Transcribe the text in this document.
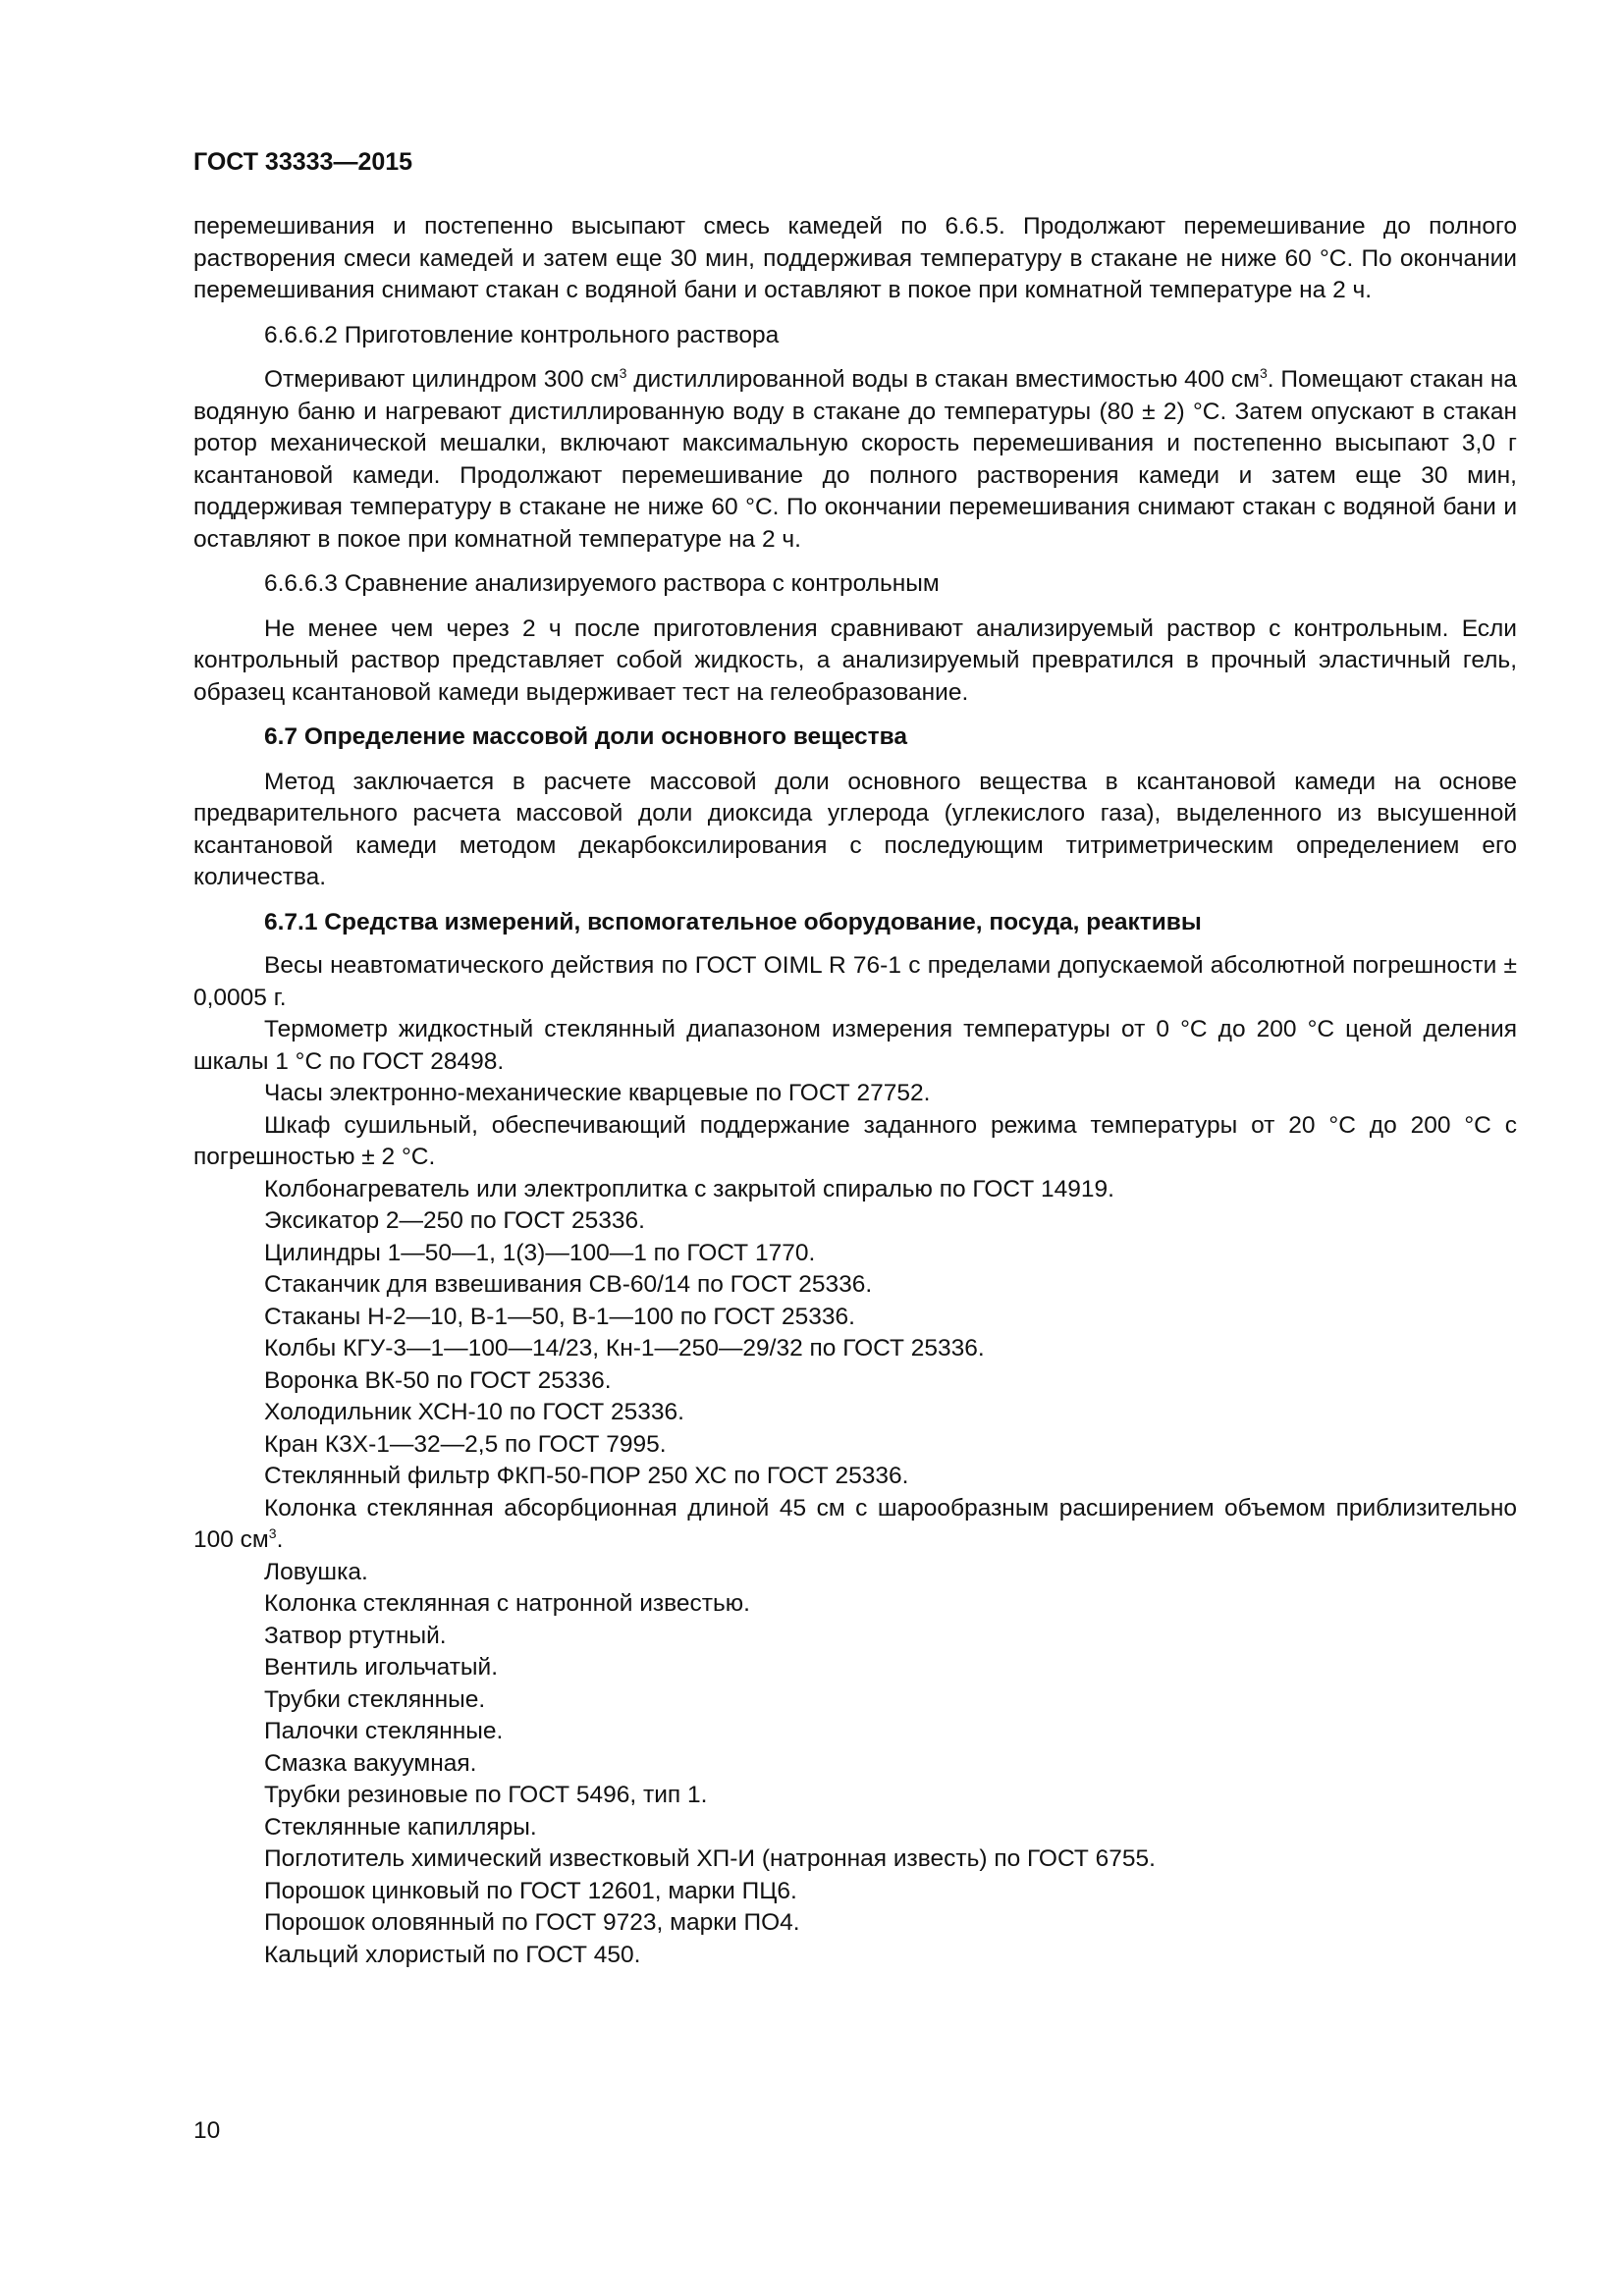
ГОСТ 33333—2015

перемешивания и постепенно высыпают смесь камедей по 6.6.5. Продолжают перемешивание до полного растворения смеси камедей и затем еще 30 мин, поддерживая температуру в стакане не ниже 60 °С. По окончании перемешивания снимают стакан с водяной бани и оставляют в покое при комнатной температуре на 2 ч.

6.6.6.2 Приготовление контрольного раствора

Отмеривают цилиндром 300 $см^3$ дистиллированной воды в стакан вместимостью 400 $см^3$. Помещают стакан на водяную баню и нагревают дистиллированную воду в стакане до температуры (80 ± 2) °С. Затем опускают в стакан ротор механической мешалки, включают максимальную скорость перемешивания и постепенно высыпают 3,0 г ксантановой камеди. Продолжают перемешивание до полного растворения камеди и затем еще 30 мин, поддерживая температуру в стакане не ниже 60 °С. По окончании перемешивания снимают стакан с водяной бани и оставляют в покое при комнатной температуре на 2 ч.

6.6.6.3 Сравнение анализируемого раствора с контрольным

Не менее чем через 2 ч после приготовления сравнивают анализируемый раствор с контрольным. Если контрольный раствор представляет собой жидкость, а анализируемый превратился в прочный эластичный гель, образец ксантановой камеди выдерживает тест на гелеобразование.

6.7 Определение массовой доли основного вещества

Метод заключается в расчете массовой доли основного вещества в ксантановой камеди на основе предварительного расчета массовой доли диоксида углерода (углекислого газа), выделенного из высушенной ксантановой камеди методом декарбоксилирования с последующим титриметрическим определением его количества.

6.7.1 Средства измерений, вспомогательное оборудование, посуда, реактивы

Весы неавтоматического действия по ГОСТ OIML R 76-1 с пределами допускаемой абсолютной погрешности ± 0,0005 г.

Термометр жидкостный стеклянный диапазоном измерения температуры от 0 °С до 200 °С ценой деления шкалы 1 °С по ГОСТ 28498.

Часы электронно-механические кварцевые по ГОСТ 27752.

Шкаф сушильный, обеспечивающий поддержание заданного режима температуры от 20 °С до 200 °С с погрешностью ± 2 °С.

Колбонагреватель или электроплитка с закрытой спиралью по ГОСТ 14919.

Эксикатор 2—250 по ГОСТ 25336.

Цилиндры 1—50—1, 1(3)—100—1 по ГОСТ 1770.

Стаканчик для взвешивания СВ-60/14 по ГОСТ 25336.

Стаканы Н-2—10, В-1—50, В-1—100 по ГОСТ 25336.

Колбы КГУ-3—1—100—14/23, Кн-1—250—29/32 по ГОСТ 25336.

Воронка ВК-50 по ГОСТ 25336.

Холодильник ХСН-10 по ГОСТ 25336.

Кран К3Х-1—32—2,5 по ГОСТ 7995.

Стеклянный фильтр ФКП-50-ПОР 250 ХС по ГОСТ 25336.

Колонка стеклянная абсорбционная длиной 45 см с шарообразным расширением объемом приблизительно 100 $см^3$.

Ловушка.

Колонка стеклянная с натронной известью.

Затвор ртутный.

Вентиль игольчатый.

Трубки стеклянные.

Палочки стеклянные.

Смазка вакуумная.

Трубки резиновые по ГОСТ 5496, тип 1.

Стеклянные капилляры.

Поглотитель химический известковый ХП-И (натронная известь) по ГОСТ 6755.

Порошок цинковый по ГОСТ 12601, марки ПЦ6.

Порошок оловянный по ГОСТ 9723, марки ПО4.

Кальций хлористый по ГОСТ 450.

10
